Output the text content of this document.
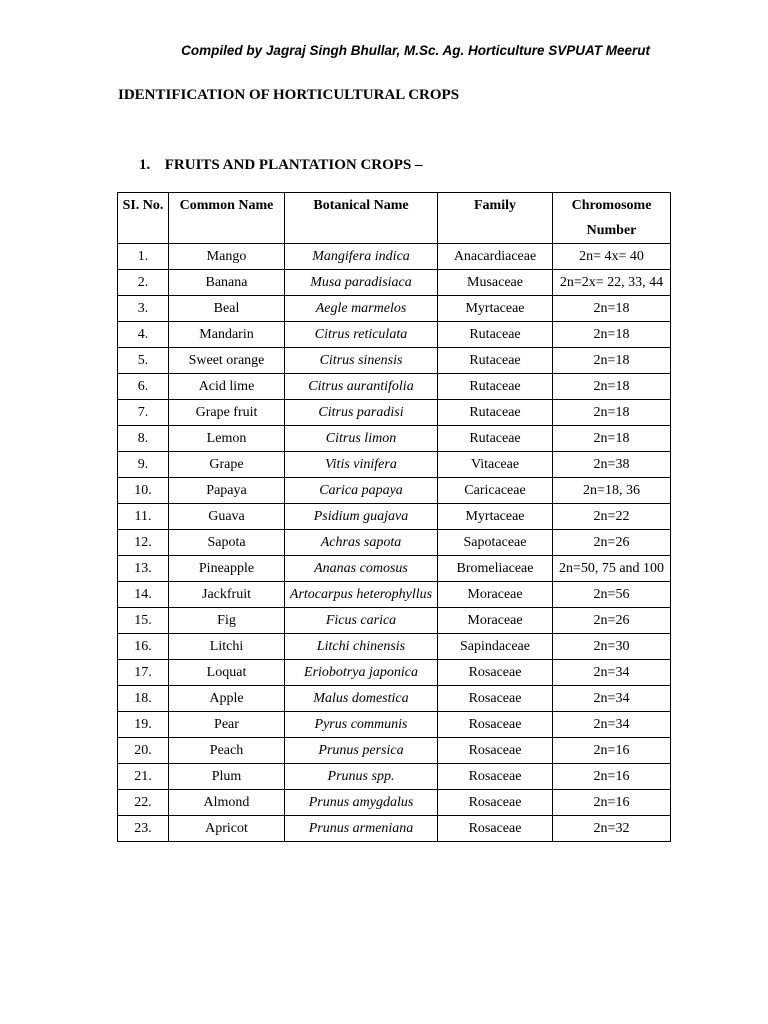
Compiled by Jagraj Singh Bhullar, M.Sc. Ag. Horticulture SVPUAT Meerut
IDENTIFICATION OF HORTICULTURAL CROPS
1. FRUITS AND PLANTATION CROPS –
SI. No.	Common Name	Botanical Name	Family	Chromosome Number
1.	Mango	Mangifera indica	Anacardiaceae	2n= 4x= 40
2.	Banana	Musa paradisiaca	Musaceae	2n=2x= 22, 33, 44
3.	Beal	Aegle marmelos	Myrtaceae	2n=18
4.	Mandarin	Citrus reticulata	Rutaceae	2n=18
5.	Sweet orange	Citrus sinensis	Rutaceae	2n=18
6.	Acid lime	Citrus aurantifolia	Rutaceae	2n=18
7.	Grape fruit	Citrus paradisi	Rutaceae	2n=18
8.	Lemon	Citrus limon	Rutaceae	2n=18
9.	Grape	Vitis vinifera	Vitaceae	2n=38
10.	Papaya	Carica papaya	Caricaceae	2n=18, 36
11.	Guava	Psidium guajava	Myrtaceae	2n=22
12.	Sapota	Achras sapota	Sapotaceae	2n=26
13.	Pineapple	Ananas comosus	Bromeliaceae	2n=50, 75 and 100
14.	Jackfruit	Artocarpus heterophyllus	Moraceae	2n=56
15.	Fig	Ficus carica	Moraceae	2n=26
16.	Litchi	Litchi chinensis	Sapindaceae	2n=30
17.	Loquat	Eriobotrya japonica	Rosaceae	2n=34
18.	Apple	Malus domestica	Rosaceae	2n=34
19.	Pear	Pyrus communis	Rosaceae	2n=34
20.	Peach	Prunus persica	Rosaceae	2n=16
21.	Plum	Prunus spp.	Rosaceae	2n=16
22.	Almond	Prunus amygdalus	Rosaceae	2n=16
23.	Apricot	Prunus armeniana	Rosaceae	2n=32
